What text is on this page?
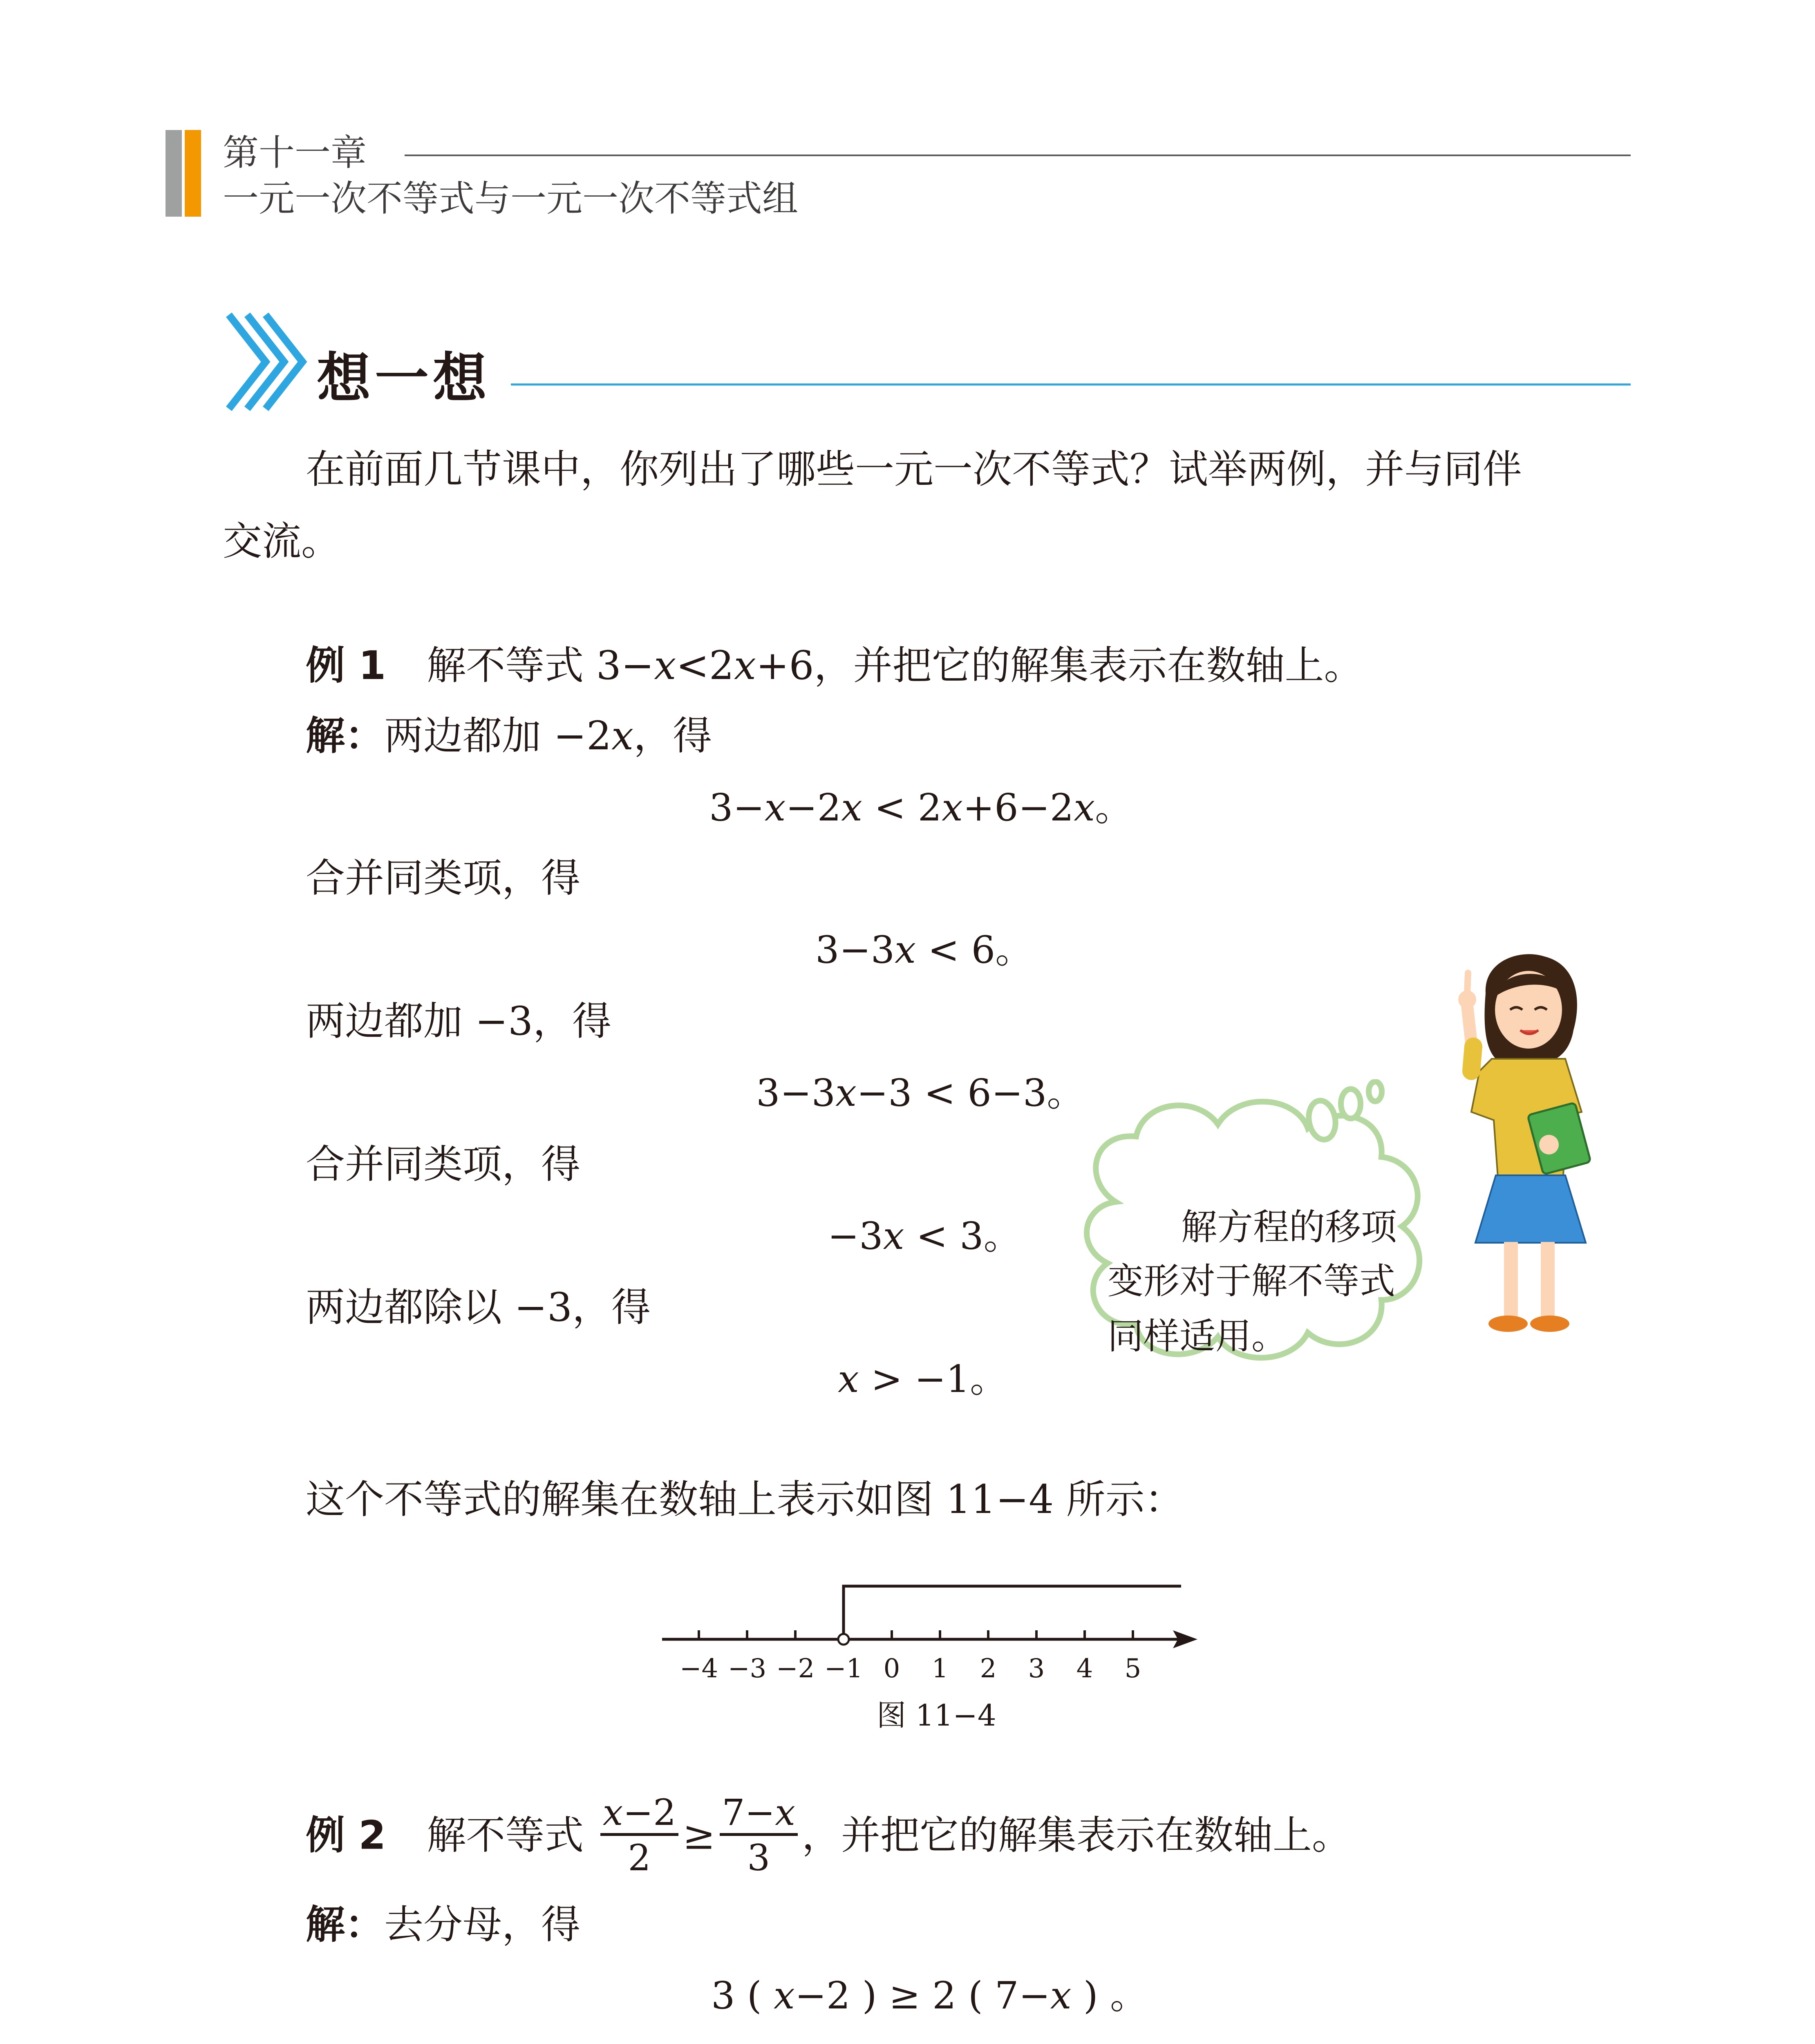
第十一章
一元一次不等式与一元一次不等式组
想一想
在前面几节课中，你列出了哪些一元一次不等式？试举两例，并与同伴
交流。
例 1 解不等式 3−x<2x+6，并把它的解集表示在数轴上。
解：两边都加 −2x，得
3−x−2x < 2x+6−2x。
合并同类项，得
3−3x < 6。
两边都加 −3，得
3−3x−3 < 6−3。
合并同类项，得
−3x < 3。
两边都除以 −3，得
x > −1。
解方程的移项
变形对于解不等式
同样适用。
这个不等式的解集在数轴上表示如图 11−4 所示：
−4 −3 −2 −1 0	1	2	3	4	5
图 11−4
例 2 解不等式 $\frac{x-2}{2} \ge \frac{7-x}{3}$ ，并把它的解集表示在数轴上。
解：去分母，得
3 ( x−2 ) ≥ 2 ( 7−x ) 。
